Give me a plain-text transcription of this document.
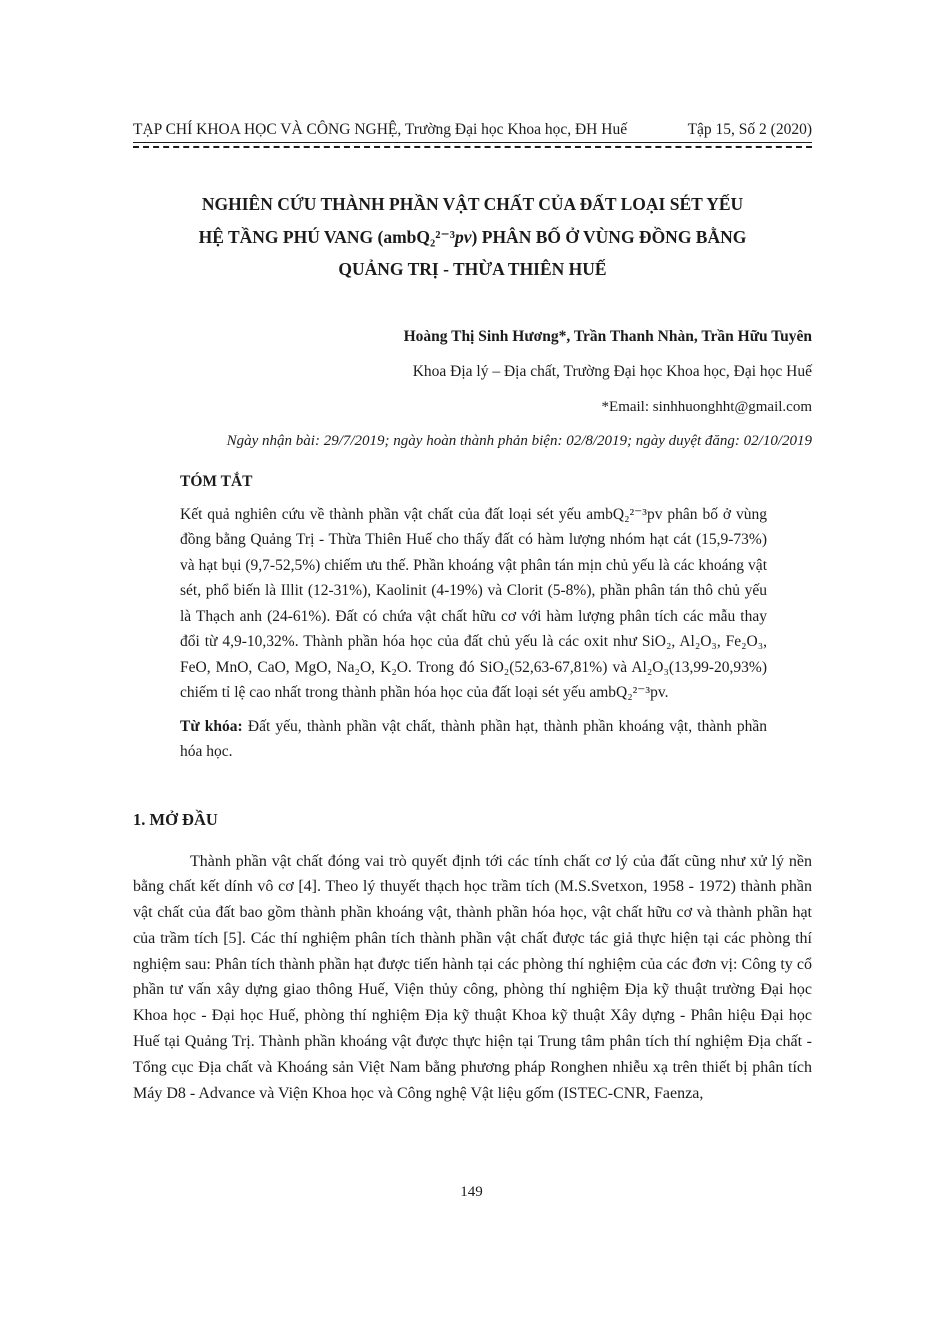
TẠP CHÍ KHOA HỌC VÀ CÔNG NGHỆ, Trường Đại học Khoa học, ĐH Huế	Tập 15, Số 2 (2020)
NGHIÊN CỨU THÀNH PHẦN VẬT CHẤT CỦA ĐẤT LOẠI SÉT YẾU
HỆ TẦNG PHÚ VANG (ambQ₂²⁻³pv) PHÂN BỐ Ở VÙNG ĐỒNG BẰNG
QUẢNG TRỊ - THỪA THIÊN HUẾ
Hoàng Thị Sinh Hương*, Trần Thanh Nhàn, Trần Hữu Tuyên
Khoa Địa lý – Địa chất, Trường Đại học Khoa học, Đại học Huế
*Email: sinhhuonghht@gmail.com
Ngày nhận bài: 29/7/2019; ngày hoàn thành phản biện: 02/8/2019; ngày duyệt đăng: 02/10/2019
TÓM TẮT
Kết quả nghiên cứu về thành phần vật chất của đất loại sét yếu ambQ₂²⁻³pv phân bố ở vùng đồng bằng Quảng Trị - Thừa Thiên Huế cho thấy đất có hàm lượng nhóm hạt cát (15,9-73%) và hạt bụi (9,7-52,5%) chiếm ưu thế. Phần khoáng vật phân tán mịn chủ yếu là các khoáng vật sét, phổ biến là Illit (12-31%), Kaolinit (4-19%) và Clorit (5-8%), phần phân tán thô chủ yếu là Thạch anh (24-61%). Đất có chứa vật chất hữu cơ với hàm lượng phân tích các mẫu thay đổi từ 4,9-10,32%. Thành phần hóa học của đất chủ yếu là các oxit như SiO₂, Al₂O₃, Fe₂O₃, FeO, MnO, CaO, MgO, Na₂O, K₂O. Trong đó SiO₂(52,63-67,81%) và Al₂O₃(13,99-20,93%) chiếm tỉ lệ cao nhất trong thành phần hóa học của đất loại sét yếu ambQ₂²⁻³pv.
Từ khóa: Đất yếu, thành phần vật chất, thành phần hạt, thành phần khoáng vật, thành phần hóa học.
1. MỞ ĐẦU
Thành phần vật chất đóng vai trò quyết định tới các tính chất cơ lý của đất cũng như xử lý nền bằng chất kết dính vô cơ [4]. Theo lý thuyết thạch học trầm tích (M.S.Svetxon, 1958 - 1972) thành phần vật chất của đất bao gồm thành phần khoáng vật, thành phần hóa học, vật chất hữu cơ và thành phần hạt của trầm tích [5]. Các thí nghiệm phân tích thành phần vật chất được tác giả thực hiện tại các phòng thí nghiệm sau: Phân tích thành phần hạt được tiến hành tại các phòng thí nghiệm của các đơn vị: Công ty cổ phần tư vấn xây dựng giao thông Huế, Viện thủy công, phòng thí nghiệm Địa kỹ thuật trường Đại học Khoa học - Đại học Huế, phòng thí nghiệm Địa kỹ thuật Khoa kỹ thuật Xây dựng - Phân hiệu Đại học Huế tại Quảng Trị. Thành phần khoáng vật được thực hiện tại Trung tâm phân tích thí nghiệm Địa chất - Tổng cục Địa chất và Khoáng sản Việt Nam bằng phương pháp Ronghen nhiễu xạ trên thiết bị phân tích Máy D8 - Advance và Viện Khoa học và Công nghệ Vật liệu gốm (ISTEC-CNR, Faenza,
149
